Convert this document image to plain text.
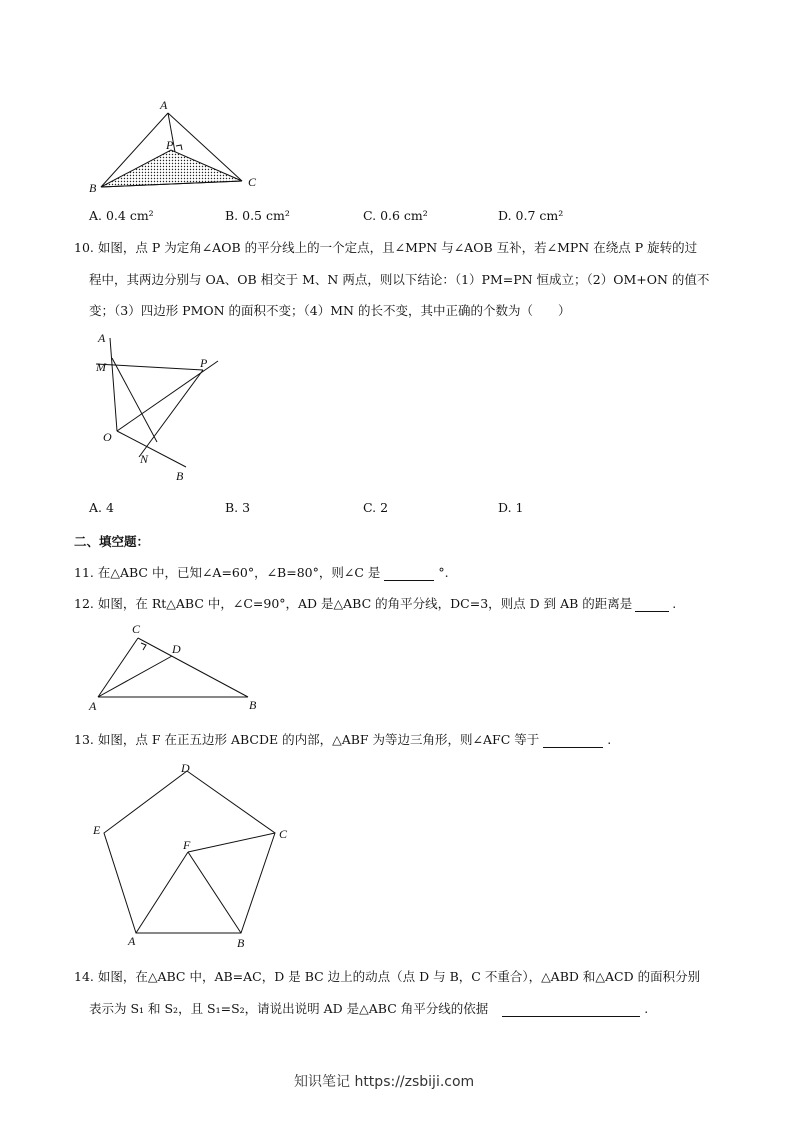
A
P
B	C
A. 0.4 cm²	B. 0.5 cm²	C. 0.6 cm²	D. 0.7 cm²
10. 如图，点 P 为定角∠AOB 的平分线上的一个定点，且∠MPN 与∠AOB 互补，若∠MPN 在绕点 P 旋转的过
程中，其两边分别与 OA、OB 相交于 M、N 两点，则以下结论：（1）PM=PN 恒成立；（2）OM+ON 的值不
变；（3）四边形 PMON 的面积不变；（4）MN 的长不变，其中正确的个数为（　　）
A
M	P
O
N
B
A. 4	B. 3	C. 2	D. 1
二、填空题：
11. 在△ABC 中，已知∠A=60°，∠B=80°，则∠C 是	°.
12. 如图，在 Rt△ABC 中，∠C=90°，AD 是△ABC 的角平分线，DC=3，则点 D 到 AB 的距离是	.
C
D
A	B
13. 如图，点 F 在正五边形 ABCDE 的内部，△ABF 为等边三角形，则∠AFC 等于	.
D
E	C
F
A	B
14. 如图，在△ABC 中，AB=AC，D 是 BC 边上的动点（点 D 与 B，C 不重合），△ABD 和△ACD 的面积分别
表示为 S₁ 和 S₂，且 S₁=S₂，请说出说明 AD 是△ABC 角平分线的依据	.
知识笔记 https://zsbiji.com
